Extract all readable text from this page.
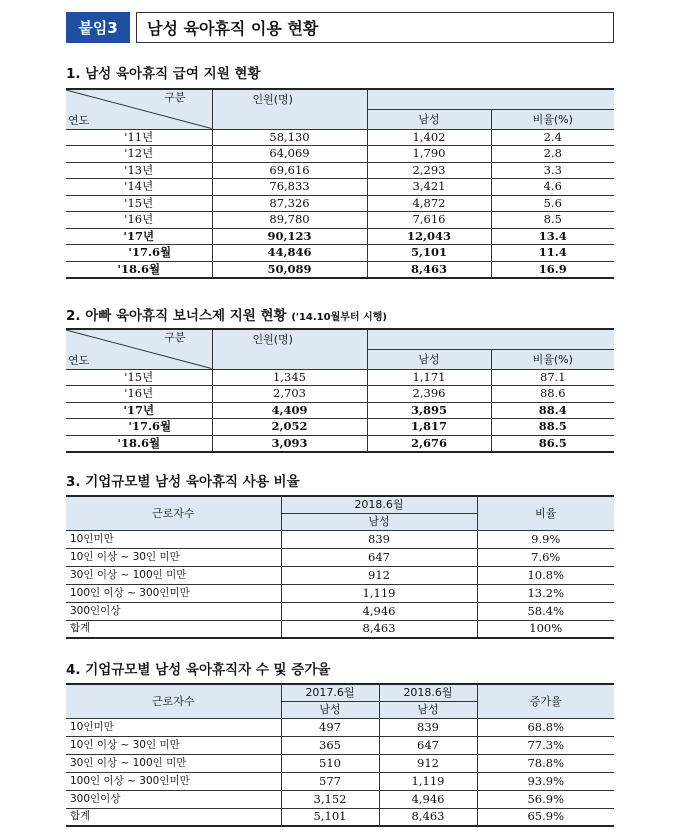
붙임3	남성 육아휴직 이용 현황
1. 남성 육아휴직 급여 지원 현황
구분
연도	인원(명)		
		남성	비율(%)
'11년	58,130	1,402	2.4
'12년	64,069	1,790	2.8
'13년	69,616	2,293	3.3
'14년	76,833	3,421	4.6
'15년	87,326	4,872	5.6
'16년	89,780	7,616	8.5
'17년	90,123	12,043	13.4
'17.6월	44,846	5,101	11.4
'18.6월	50,089	8,463	16.9
2. 아빠 육아휴직 보너스제 지원 현황 ('14.10월부터 시행)
구분
연도	인원(명)		
		남성	비율(%)
'15년	1,345	1,171	87.1
'16년	2,703	2,396	88.6
'17년	4,409	3,895	88.4
'17.6월	2,052	1,817	88.5
'18.6월	3,093	2,676	86.5
3. 기업규모별 남성 육아휴직 사용 비율
근로자수	2018.6월	비율
	남성	
10인미만	839	9.9%
10인 이상 ~ 30인 미만	647	7.6%
30인 이상 ~ 100인 미만	912	10.8%
100인 이상 ~ 300인미만	1,119	13.2%
300인이상	4,946	58.4%
합계	8,463	100%
4. 기업규모별 남성 육아휴직자 수 및 증가율
근로자수	2017.6월	2018.6월	증가율
	남성	남성	
10인미만	497	839	68.8%
10인 이상 ~ 30인 미만	365	647	77.3%
30인 이상 ~ 100인 미만	510	912	78.8%
100인 이상 ~ 300인미만	577	1,119	93.9%
300인이상	3,152	4,946	56.9%
합계	5,101	8,463	65.9%
